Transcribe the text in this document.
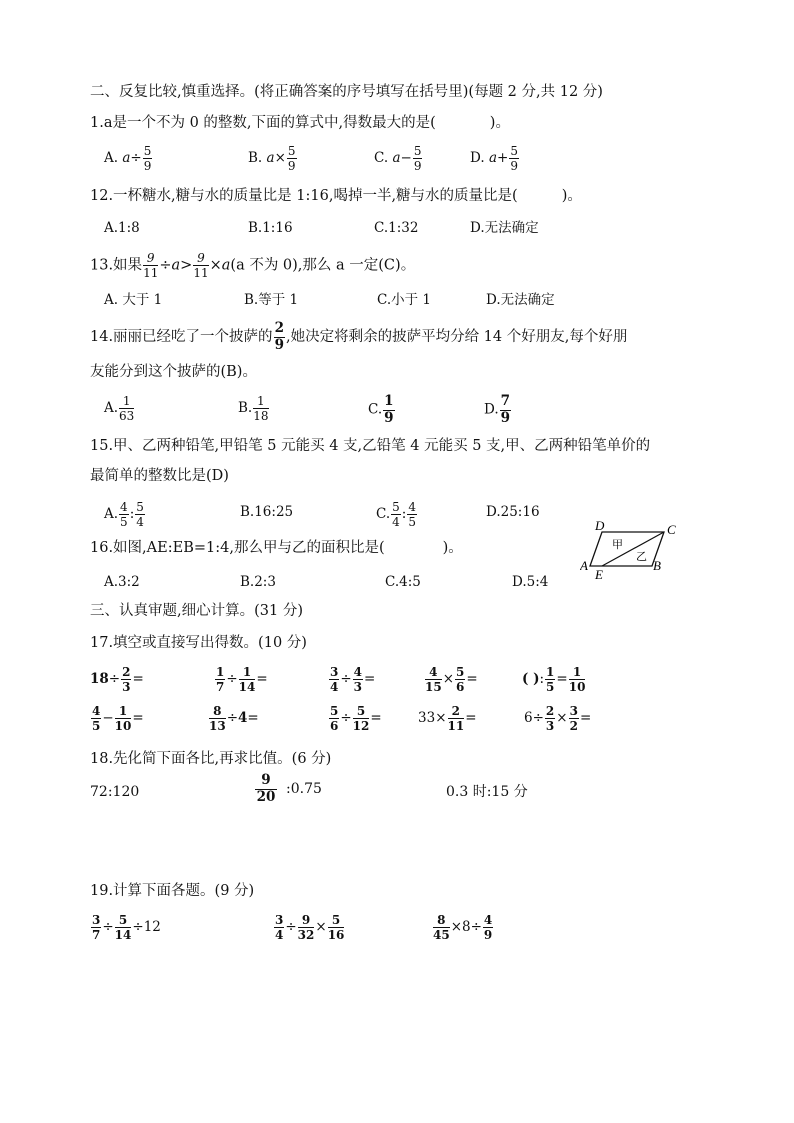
二、反复比较,慎重选择。(将正确答案的序号填写在括号里)(每题 2 分,共 12 分)
1.a是一个不为 0 的整数,下面的算式中,得数最大的是(	)。
A. $a\div \frac{5}{9}$	B. $a\times \frac{5}{9}$	C. $a- \frac{5}{9}$	D. $a+ \frac{5}{9}$
12.一杯糖水,糖与水的质量比是 1:16,喝掉一半,糖与水的质量比是(	)。
A.1:8	B.1:16	C.1:32	D.无法确定
13.如果 $\frac{9}{11} \div a> \frac{9}{11} \times a(a$ 不为 0),那么 a 一定(C)。
A. 大于 1	B.等于 1	C.小于 1	D.无法确定
14.丽丽已经吃了一个披萨的 $\frac{2}{9}$ ,她决定将剩余的披萨平均分给 14 个好朋友,每个好朋
友能分到这个披萨的(B)。
A. $\frac{1}{63}$	B. $\frac{1}{18}$	C. $\frac{1}{9}$	D. $\frac{7}{9}$
15.甲、乙两种铅笔,甲铅笔 5 元能买 4 支,乙铅笔 4 元能买 5 支,甲、乙两种铅笔单价的
最简单的整数比是(D)
A. $\frac{4}{5}$ : $\frac{5}{4}$	B.16:25	C. $\frac{5}{4}$ : $\frac{4}{5}$	D.25:16
16.如图,AE:EB=1:4,那么甲与乙的面积比是(	)。
A.3:2	B.2:3	C.4:5	D.5:4
D	C
A
E
B
甲
乙
三、认真审题,细心计算。(31 分)
17.填空或直接写出得数。(10 分)
$18\div \frac{2}{3}$ =	$\frac{1}{7} \div \frac{1}{14}$ =	$\frac{3}{4} \div \frac{4}{3}$ =	$\frac{4}{15} \times \frac{5}{6}$ =	( ): $\frac{1}{5} = \frac{1}{10}$
$\frac{4}{5} - \frac{1}{10}$ =	$\frac{8}{13} \div 4=$	$\frac{5}{6} \div \frac{5}{12}$ =	$33\times \frac{2}{11}$ =	$6\div \frac{2}{3} \times \frac{3}{2}$ =
18.先化简下面各比,再求比值。(6 分)
72:120	$\frac{9}{20}$ :0.75	0.3 时:15 分
19.计算下面各题。(9 分)
$\frac{3}{7} \div \frac{5}{14} \div 12$	$\frac{3}{4} \div \frac{9}{32} \times \frac{5}{16}$	$\frac{8}{45} \times 8\div \frac{4}{9}$
